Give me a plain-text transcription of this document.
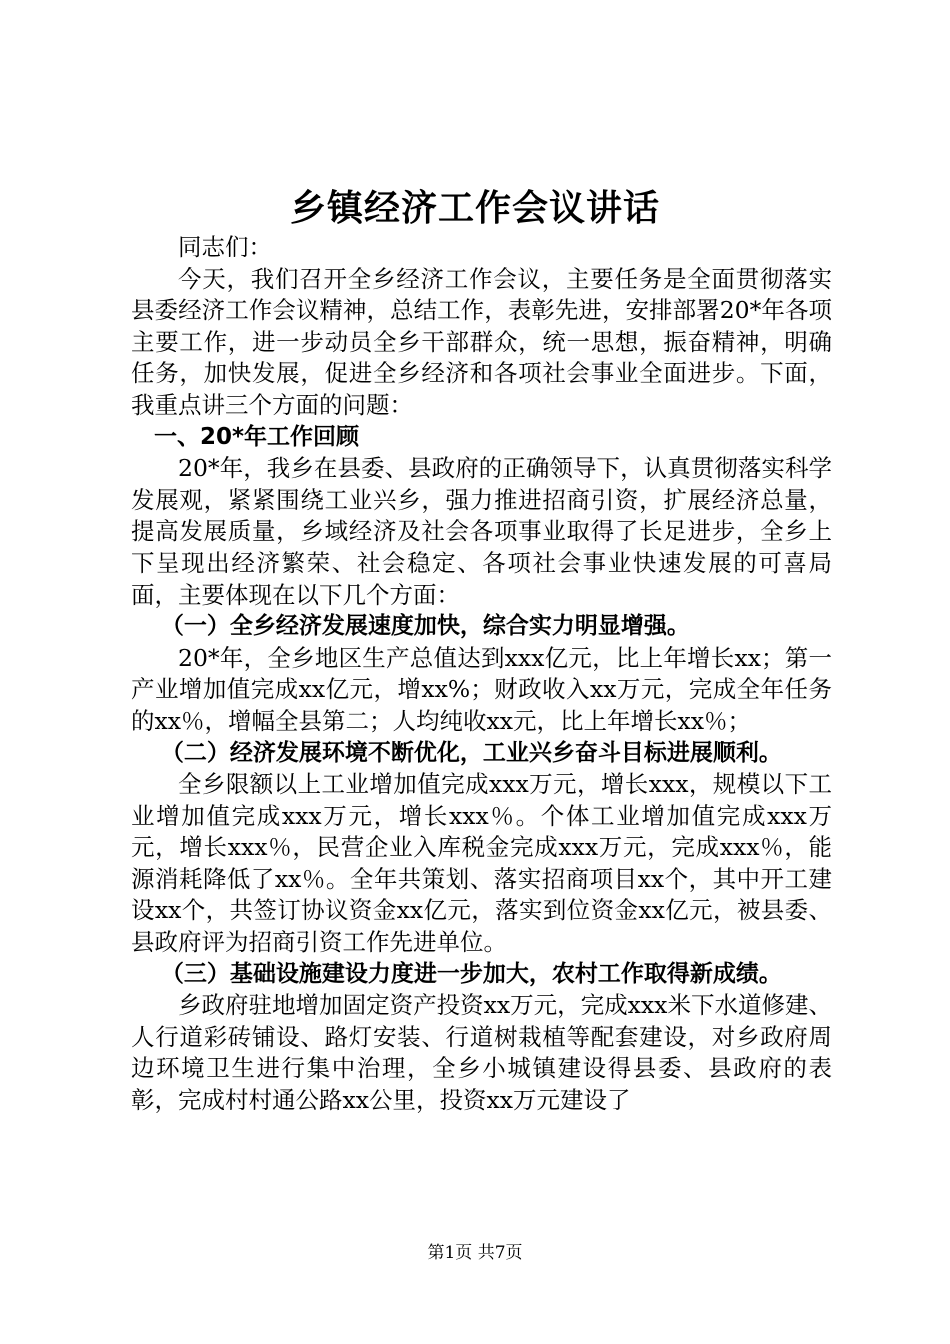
乡镇经济工作会议讲话

同志们：

今天，我们召开全乡经济工作会议，主要任务是全面贯彻落实县委经济工作会议精神，总结工作，表彰先进，安排部署20*年各项主要工作，进一步动员全乡干部群众，统一思想，振奋精神，明确任务，加快发展，促进全乡经济和各项社会事业全面进步。下面，我重点讲三个方面的问题：

一、20*年工作回顾

20*年，我乡在县委、县政府的正确领导下，认真贯彻落实科学发展观，紧紧围绕工业兴乡，强力推进招商引资，扩展经济总量，提高发展质量，乡域经济及社会各项事业取得了长足进步，全乡上下呈现出经济繁荣、社会稳定、各项社会事业快速发展的可喜局面，主要体现在以下几个方面：

（一）全乡经济发展速度加快，综合实力明显增强。

20*年，全乡地区生产总值达到xxx亿元，比上年增长xx；第一产业增加值完成xx亿元，增xx%；财政收入xx万元，完成全年任务的xx％，增幅全县第二；人均纯收xx元，比上年增长xx％；

（二）经济发展环境不断优化，工业兴乡奋斗目标进展顺利。

全乡限额以上工业增加值完成xxx万元，增长xxx，规模以下工业增加值完成xxx万元，增长xxx％。个体工业增加值完成xxx万元，增长xxx％，民营企业入库税金完成xxx万元，完成xxx％，能源消耗降低了xx％。全年共策划、落实招商项目xx个，其中开工建设xx个，共签订协议资金xx亿元，落实到位资金xx亿元，被县委、县政府评为招商引资工作先进单位。

（三）基础设施建设力度进一步加大，农村工作取得新成绩。

乡政府驻地增加固定资产投资xx万元，完成xxx米下水道修建、人行道彩砖铺设、路灯安装、行道树栽植等配套建设，对乡政府周边环境卫生进行集中治理，全乡小城镇建设得县委、县政府的表彰，完成村村通公路xx公里，投资xx万元建设了

第1页 共7页
